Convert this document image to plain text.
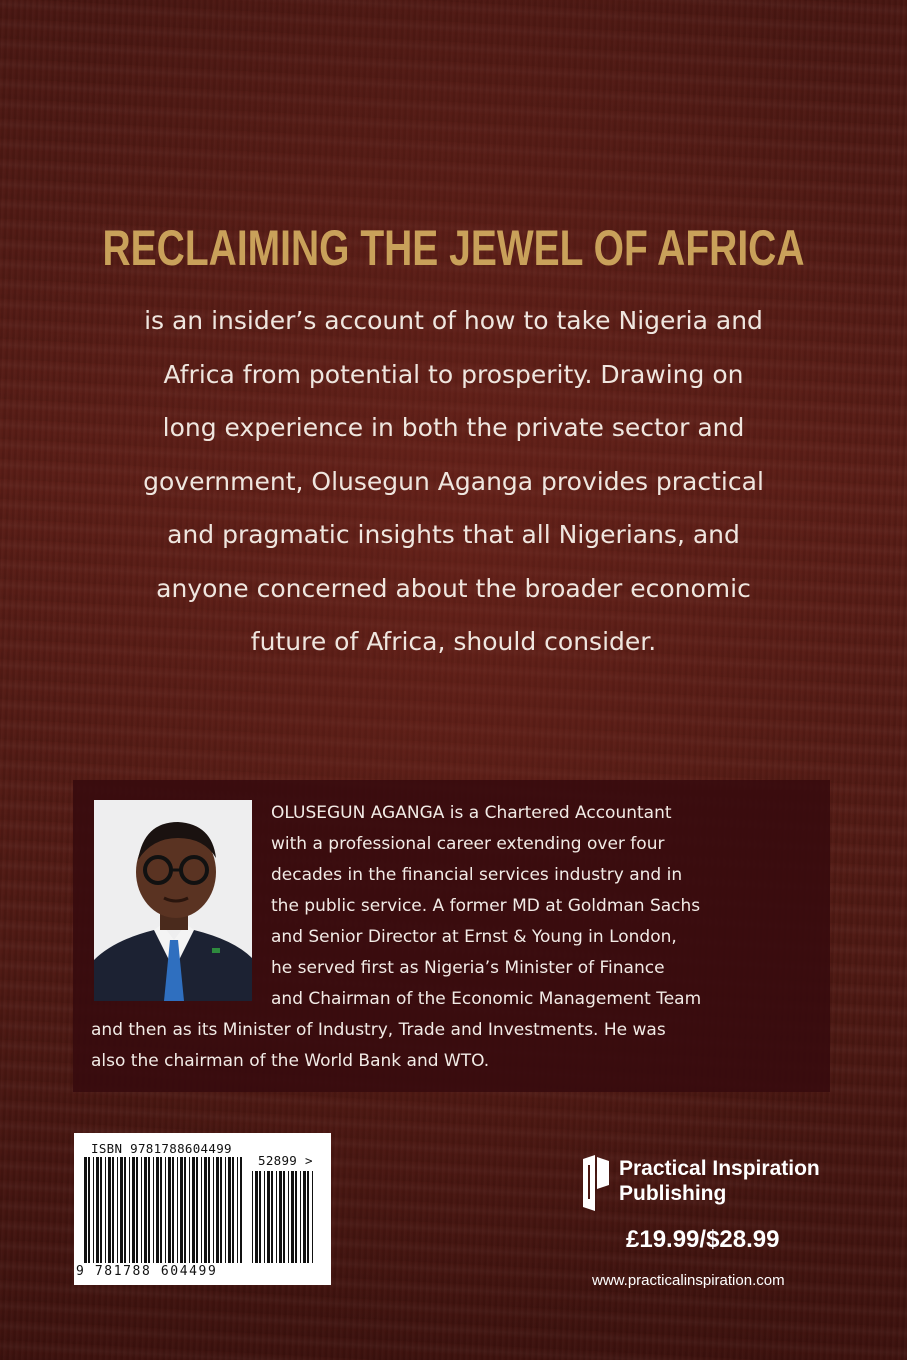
RECLAIMING THE JEWEL OF AFRICA
is an insider’s account of how to take Nigeria and
Africa from potential to prosperity. Drawing on
long experience in both the private sector and
government, Olusegun Aganga provides practical
and pragmatic insights that all Nigerians, and
anyone concerned about the broader economic
future of Africa, should consider.
OLUSEGUN AGANGA is a Chartered Accountant
with a professional career extending over four
decades in the financial services industry and in
the public service. A former MD at Goldman Sachs
and Senior Director at Ernst & Young in London,
he served first as Nigeria’s Minister of Finance
and Chairman of the Economic Management Team
and then as its Minister of Industry, Trade and Investments. He was
also the chairman of the World Bank and WTO.
ISBN 9781788604499
52899 >
9 781788 604499
Practical Inspiration
Publishing
£19.99/$28.99
www.practicalinspiration.com
